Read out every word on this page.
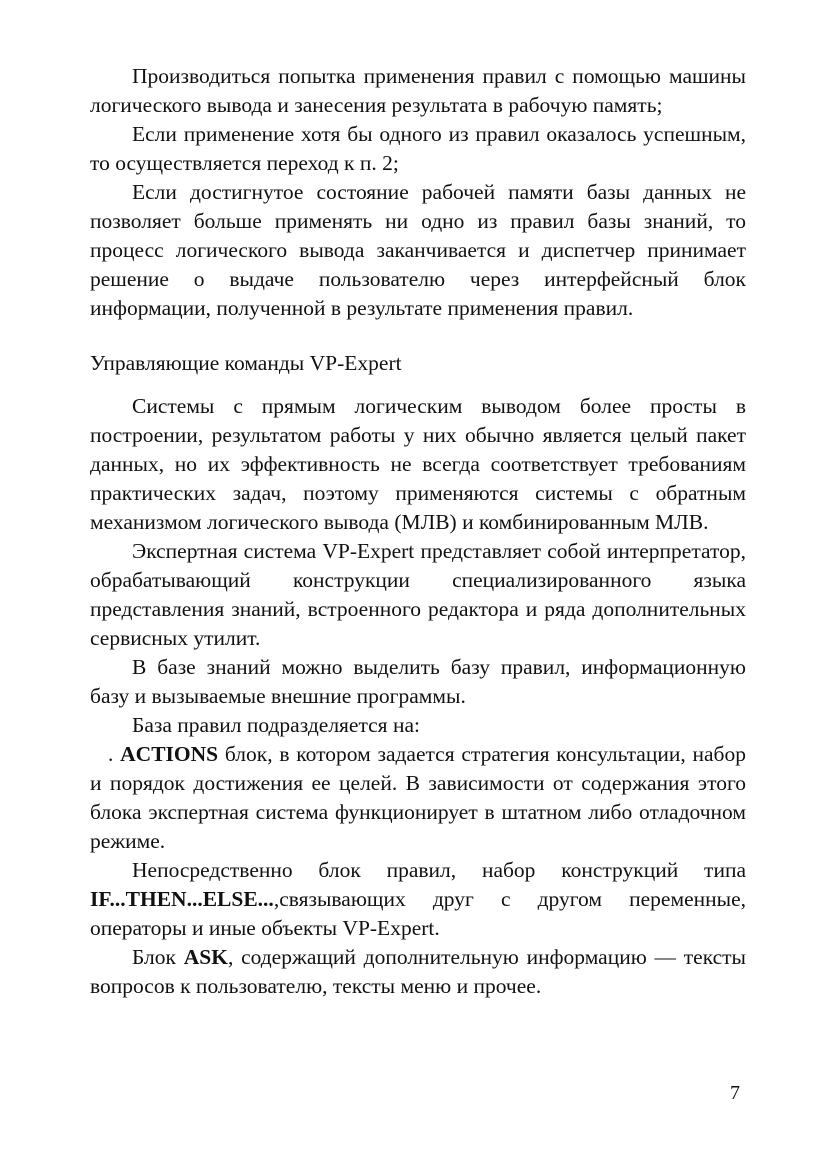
Производиться попытка применения правил с помощью машины логического вывода и занесения результата в рабочую память;

Если применение хотя бы одного из правил оказалось успешным, то осуществляется переход к п. 2;

Если достигнутое состояние рабочей памяти базы данных не позволяет больше применять ни одно из правил базы знаний, то процесс логического вывода заканчивается и диспетчер принимает решение о выдаче пользователю через интерфейсный блок информации, полученной в результате применения правил.

Управляющие команды VP-Expert

Системы с прямым логическим выводом более просты в построении, результатом работы у них обычно является целый пакет данных, но их эффективность не всегда соответствует требованиям практических задач, поэтому применяются системы с обратным механизмом логического вывода (МЛВ) и комбинированным МЛВ.

Экспертная система VP-Expert представляет собой интерпретатор, обрабатывающий конструкции специализированного языка представления знаний, встроенного редактора и ряда дополнительных сервисных утилит.

В базе знаний можно выделить базу правил, информационную базу и вызываемые внешние программы.

База правил подразделяется на:

. ACTIONS блок, в котором задается стратегия консультации, набор и порядок достижения ее целей. В зависимости от содержания этого блока экспертная система функционирует в штатном либо отладочном режиме.

Непосредственно блок правил, набор конструкций типа IF...THEN...ELSE...,связывающих друг с другом переменные, операторы и иные объекты VP-Expert.

Блок ASK, содержащий дополнительную информацию — тексты вопросов к пользователю, тексты меню и прочее.

7
